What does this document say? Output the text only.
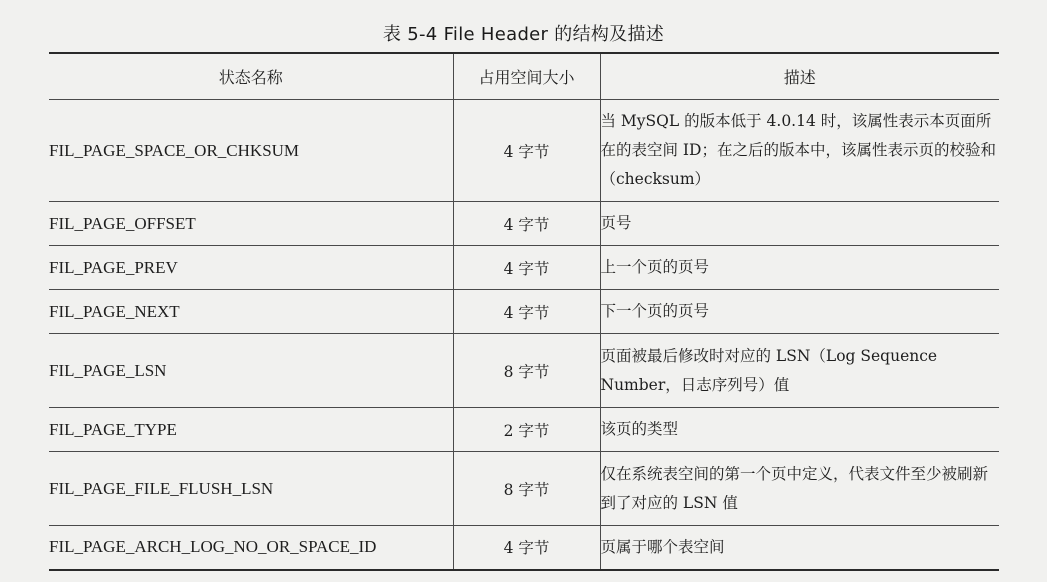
表 5-4 File Header 的结构及描述
状态名称	占用空间大小	描述
FIL_PAGE_SPACE_OR_CHKSUM	4 字节	当 MySQL 的版本低于 4.0.14 时，该属性表示本页面所在的表空间 ID；在之后的版本中，该属性表示页的校验和（checksum）
FIL_PAGE_OFFSET	4 字节	页号
FIL_PAGE_PREV	4 字节	上一个页的页号
FIL_PAGE_NEXT	4 字节	下一个页的页号
FIL_PAGE_LSN	8 字节	页面被最后修改时对应的 LSN（Log Sequence Number，日志序列号）值
FIL_PAGE_TYPE	2 字节	该页的类型
FIL_PAGE_FILE_FLUSH_LSN	8 字节	仅在系统表空间的第一个页中定义，代表文件至少被刷新到了对应的 LSN 值
FIL_PAGE_ARCH_LOG_NO_OR_SPACE_ID	4 字节	页属于哪个表空间
